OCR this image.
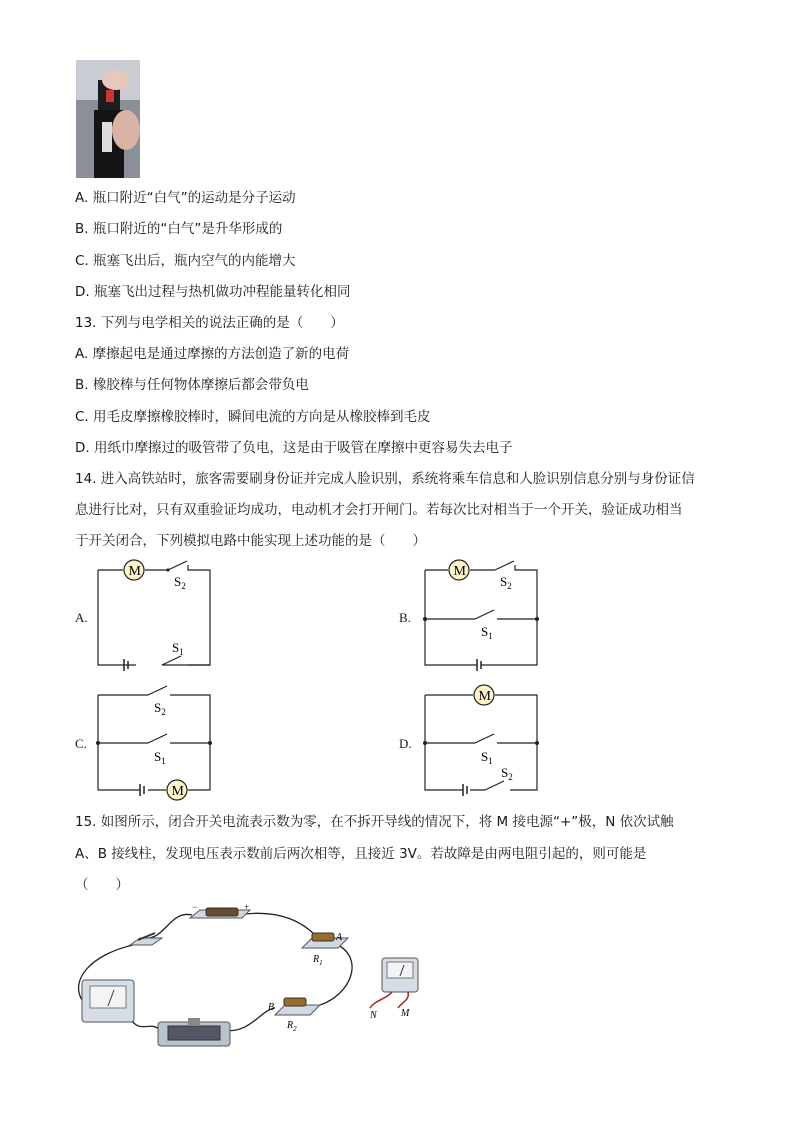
A. 瓶口附近“白气”的运动是分子运动
B. 瓶口附近的“白气”是升华形成的
C. 瓶塞飞出后，瓶内空气的内能增大
D. 瓶塞飞出过程与热机做功冲程能量转化相同
13. 下列与电学相关的说法正确的是（　　）
A. 摩擦起电是通过摩擦的方法创造了新的电荷
B. 橡胶棒与任何物体摩擦后都会带负电
C. 用毛皮摩擦橡胶棒时，瞬间电流的方向是从橡胶棒到毛皮
D. 用纸巾摩擦过的吸管带了负电，这是由于吸管在摩擦中更容易失去电子
14. 进入高铁站时，旅客需要刷身份证并完成人脸识别，系统将乘车信息和人脸识别信息分别与身份证信
息进行比对，只有双重验证均成功，电动机才会打开闸门。若每次比对相当于一个开关，验证成功相当
于开关闭合，下列模拟电路中能实现上述功能的是（　　）
A.	B.
C.	D.
M
$S_2$
$S_1$
M
$S_2$
$S_1$
M
$S_2$
$S_1$
M
$S_1$
$S_2$
15. 如图所示，闭合开关电流表示数为零，在不拆开导线的情况下，将 M 接电源“+”极，N 依次试触
A、B 接线柱，发现电压表示数前后两次相等，且接近 3V。若故障是由两电阻引起的，则可能是
（　　）
−	+
A
$R_1$
B
$R_2$
N M
